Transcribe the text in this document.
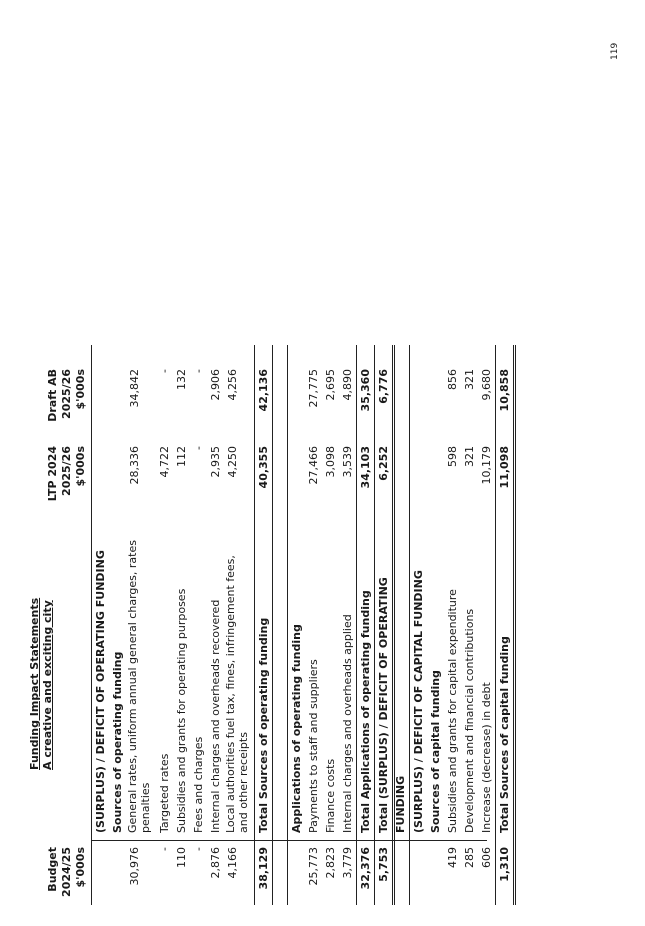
119
Funding Impact Statements A creative and exciting city
Budget 2024/25 $'000s
LTP 2024 2025/26 $'000s
Draft AB 2025/26 $'000s
(SURPLUS) / DEFICIT OF OPERATING FUNDING Sources of operating funding
30,976
General rates, uniform annual general charges, rates penalties
28,336
34,842
-
Targeted rates
4,722
-
110
Subsidies and grants for operating purposes
112
132
-
Fees and charges
-
-
2,876
Internal charges and overheads recovered
2,935
2,906
4,166
Local authorities fuel tax, fines, infringement fees, and other receipts
4,250
4,256
38,129
Total Sources of operating funding
40,355
42,136
Applications of operating funding
25,773
Payments to staff and suppliers
27,466
27,775
2,823
Finance costs
3,098
2,695
3,779
Internal charges and overheads applied
3,539
4,890
32,376
Total Applications of operating funding
34,103
35,360
5,753
Total (SURPLUS) / DEFICIT OF OPERATING FUNDING
6,252
6,776
(SURPLUS) / DEFICIT OF CAPITAL FUNDING Sources of capital funding
419
Subsidies and grants for capital expenditure
598
856
285
Development and financial contributions
321
321
606
Increase (decrease) in debt
10,179
9,680
1,310
Total Sources of capital funding
11,098
10,858
